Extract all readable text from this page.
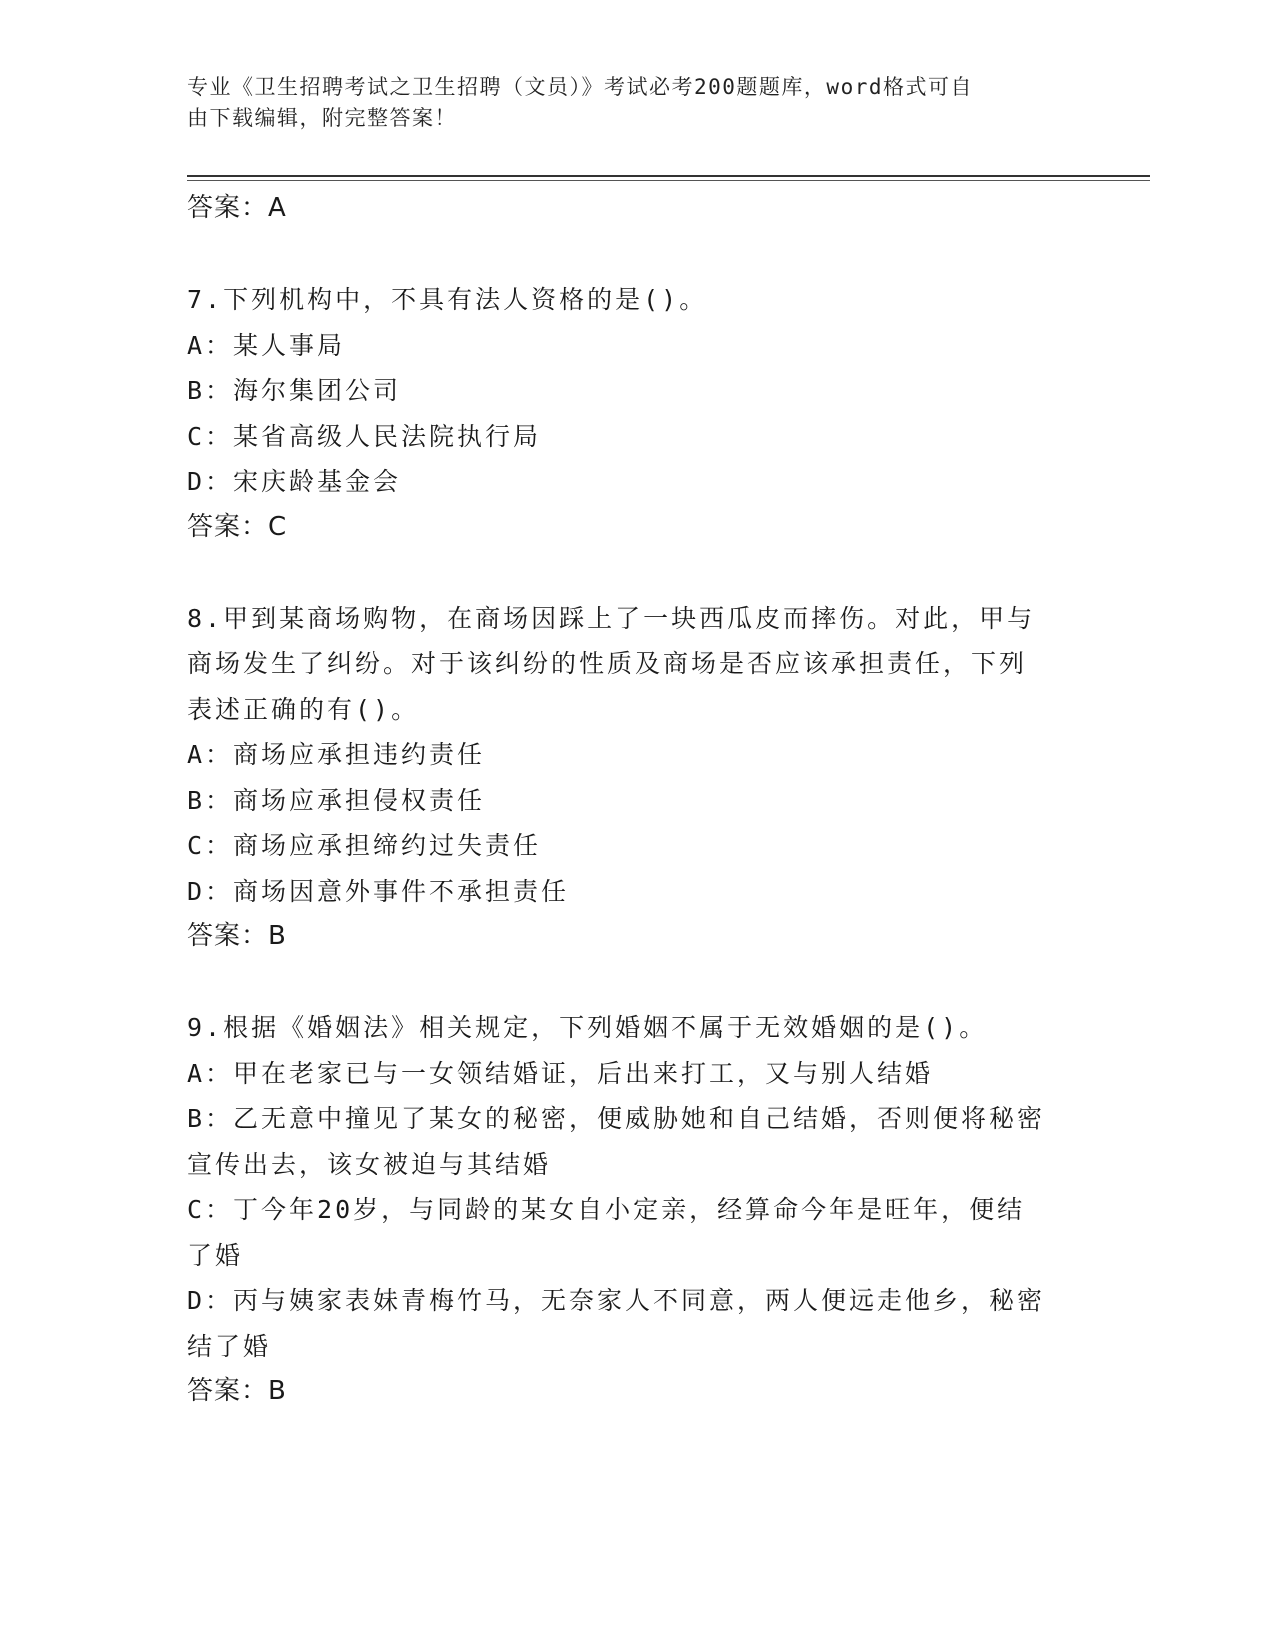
专业《卫生招聘考试之卫生招聘（文员）》考试必考200题题库，word格式可自
由下载编辑，附完整答案！
答案：A
7.下列机构中，不具有法人资格的是()。
A：某人事局
B：海尔集团公司
C：某省高级人民法院执行局
D：宋庆龄基金会
答案：C
8.甲到某商场购物，在商场因踩上了一块西瓜皮而摔伤。对此，甲与
商场发生了纠纷。对于该纠纷的性质及商场是否应该承担责任，下列
表述正确的有()。
A：商场应承担违约责任
B：商场应承担侵权责任
C：商场应承担缔约过失责任
D：商场因意外事件不承担责任
答案：B
9.根据《婚姻法》相关规定，下列婚姻不属于无效婚姻的是()。
A：甲在老家已与一女领结婚证，后出来打工，又与别人结婚
B：乙无意中撞见了某女的秘密，便威胁她和自己结婚，否则便将秘密
宣传出去，该女被迫与其结婚
C：丁今年20岁，与同龄的某女自小定亲，经算命今年是旺年，便结
了婚
D：丙与姨家表妹青梅竹马，无奈家人不同意，两人便远走他乡，秘密
结了婚
答案：B
